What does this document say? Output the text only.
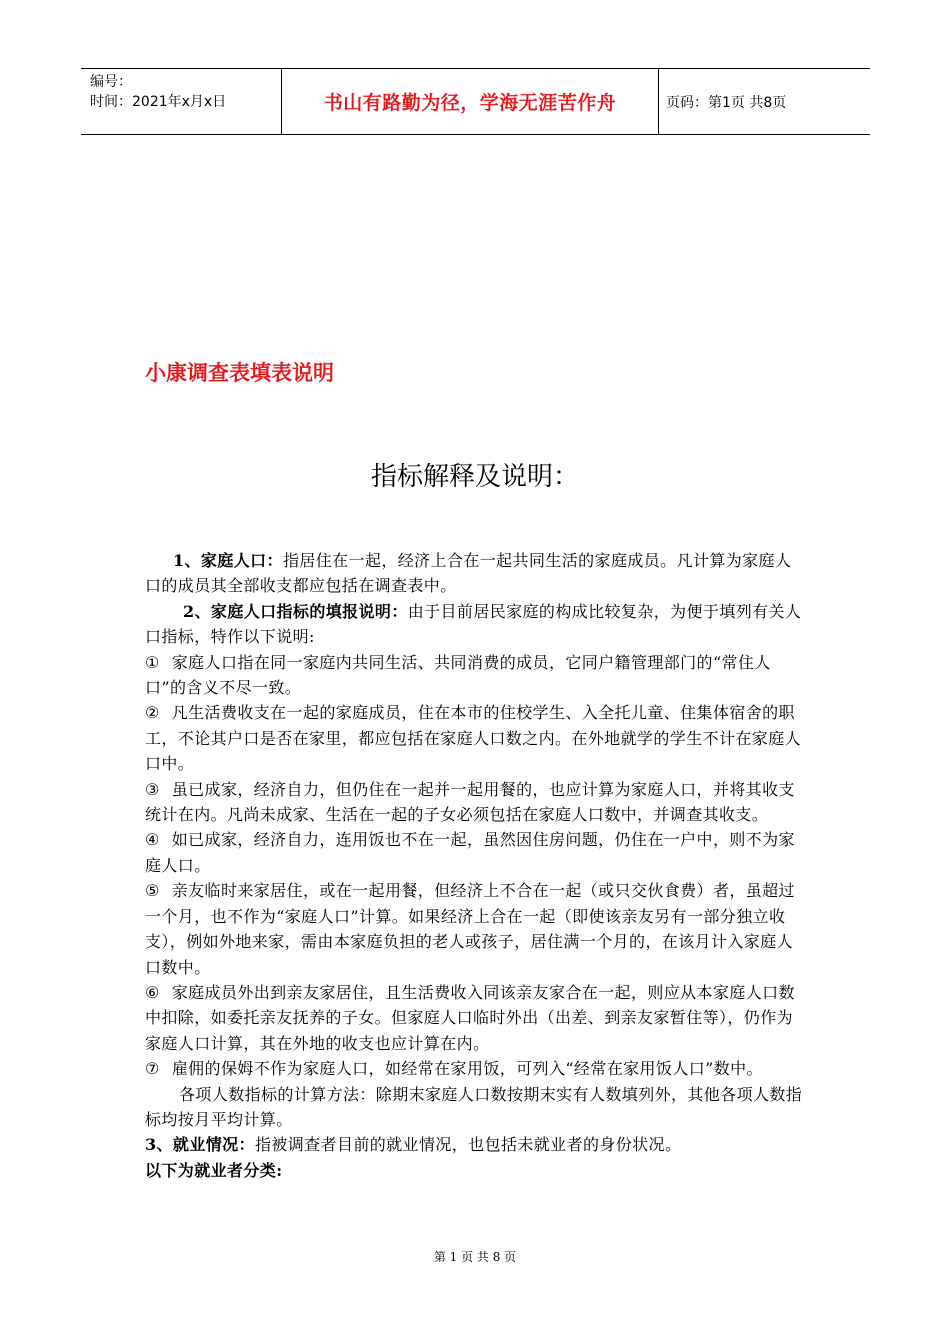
编号：
时间：2021年x月x日	书山有路勤为径，学海无涯苦作舟	页码：第1页 共8页
小康调查表填表说明
指标解释及说明：

1、家庭人口：指居住在一起，经济上合在一起共同生活的家庭成员。凡计算为家庭人口的成员其全部收支都应包括在调查表中。

2、家庭人口指标的填报说明：由于目前居民家庭的构成比较复杂，为便于填列有关人口指标，特作以下说明:

① 家庭人口指在同一家庭内共同生活、共同消费的成员，它同户籍管理部门的“常住人口”的含义不尽一致。

② 凡生活费收支在一起的家庭成员，住在本市的住校学生、入全托儿童、住集体宿舍的职工，不论其户口是否在家里，都应包括在家庭人口数之内。在外地就学的学生不计在家庭人口中。

③ 虽已成家，经济自力，但仍住在一起并一起用餐的，也应计算为家庭人口，并将其收支统计在内。凡尚未成家、生活在一起的子女必须包括在家庭人口数中，并调查其收支。

④ 如已成家，经济自力，连用饭也不在一起，虽然因住房问题，仍住在一户中，则不为家庭人口。

⑤ 亲友临时来家居住，或在一起用餐，但经济上不合在一起（或只交伙食费）者，虽超过一个月，也不作为“家庭人口”计算。如果经济上合在一起（即使该亲友另有一部分独立收支），例如外地来家，需由本家庭负担的老人或孩子，居住满一个月的，在该月计入家庭人口数中。

⑥ 家庭成员外出到亲友家居住，且生活费收入同该亲友家合在一起，则应从本家庭人口数中扣除，如委托亲友抚养的子女。但家庭人口临时外出（出差、到亲友家暂住等），仍作为家庭人口计算，其在外地的收支也应计算在内。

⑦ 雇佣的保姆不作为家庭人口，如经常在家用饭，可列入“经常在家用饭人口”数中。

各项人数指标的计算方法：除期末家庭人口数按期末实有人数填列外，其他各项人数指标均按月平均计算。

3、就业情况：指被调查者目前的就业情况，也包括未就业者的身份状况。

以下为就业者分类:

第 1 页 共 8 页
